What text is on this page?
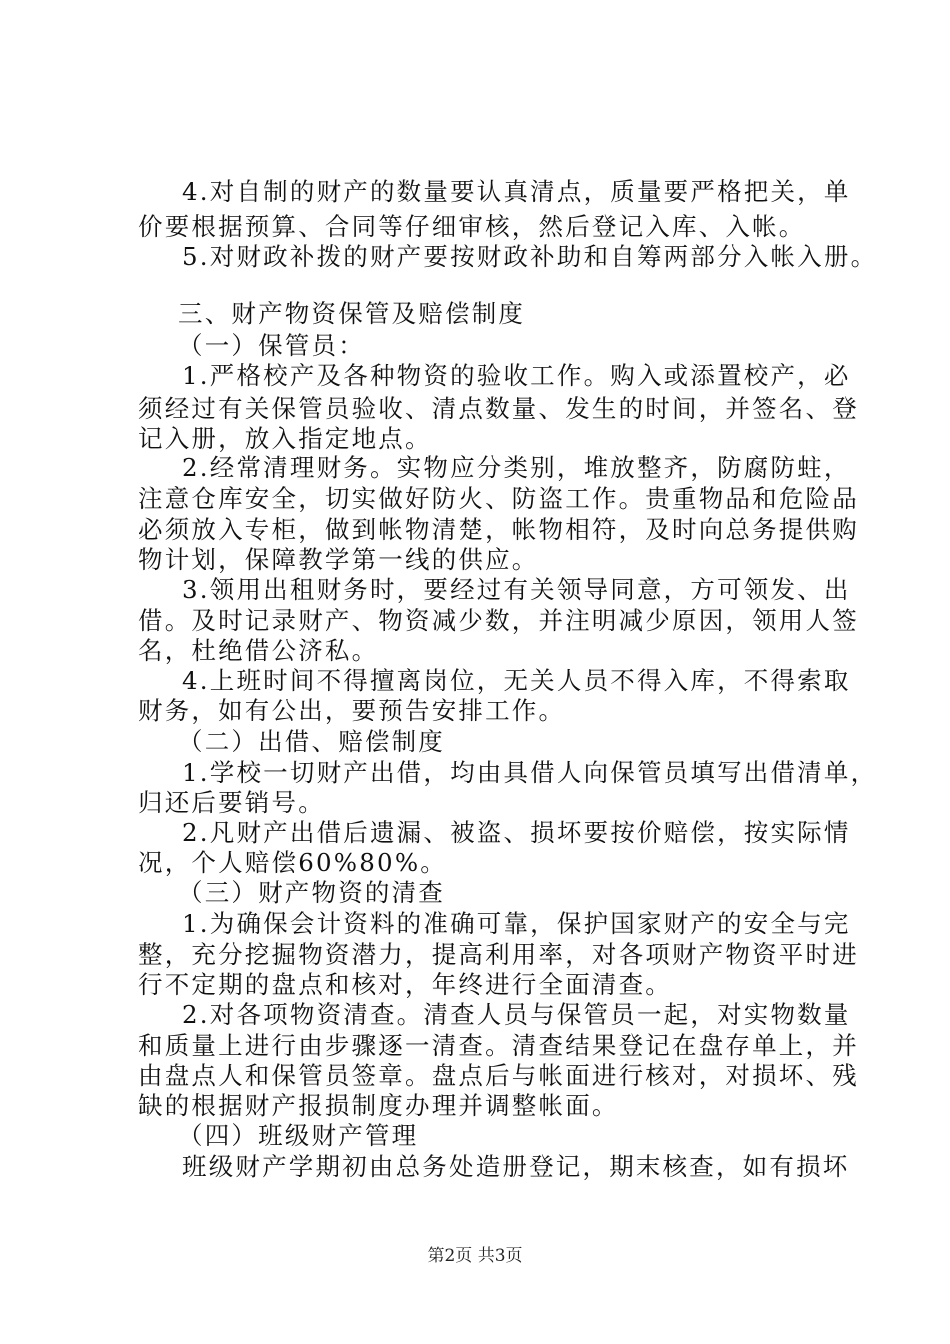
4.对自制的财产的数量要认真清点，质量要严格把关，单
价要根据预算、合同等仔细审核，然后登记入库、入帐。
5.对财政补拨的财产要按财政补助和自筹两部分入帐入册。
三、财产物资保管及赔偿制度
（一）保管员：
1.严格校产及各种物资的验收工作。购入或添置校产，必
须经过有关保管员验收、清点数量、发生的时间，并签名、登
记入册，放入指定地点。
2.经常清理财务。实物应分类别，堆放整齐，防腐防蛀，
注意仓库安全，切实做好防火、防盗工作。贵重物品和危险品
必须放入专柜，做到帐物清楚，帐物相符，及时向总务提供购
物计划，保障教学第一线的供应。
3.领用出租财务时，要经过有关领导同意，方可领发、出
借。及时记录财产、物资减少数，并注明减少原因，领用人签
名，杜绝借公济私。
4.上班时间不得擅离岗位，无关人员不得入库，不得索取
财务，如有公出，要预告安排工作。
（二）出借、赔偿制度
1.学校一切财产出借，均由具借人向保管员填写出借清单，
归还后要销号。
2.凡财产出借后遗漏、被盗、损坏要按价赔偿，按实际情
况，个人赔偿60%80%。
（三）财产物资的清查
1.为确保会计资料的准确可靠，保护国家财产的安全与完
整，充分挖掘物资潜力，提高利用率，对各项财产物资平时进
行不定期的盘点和核对，年终进行全面清查。
2.对各项物资清查。清查人员与保管员一起，对实物数量
和质量上进行由步骤逐一清查。清查结果登记在盘存单上，并
由盘点人和保管员签章。盘点后与帐面进行核对，对损坏、残
缺的根据财产报损制度办理并调整帐面。
（四）班级财产管理
班级财产学期初由总务处造册登记，期末核查，如有损坏
第2页 共3页
